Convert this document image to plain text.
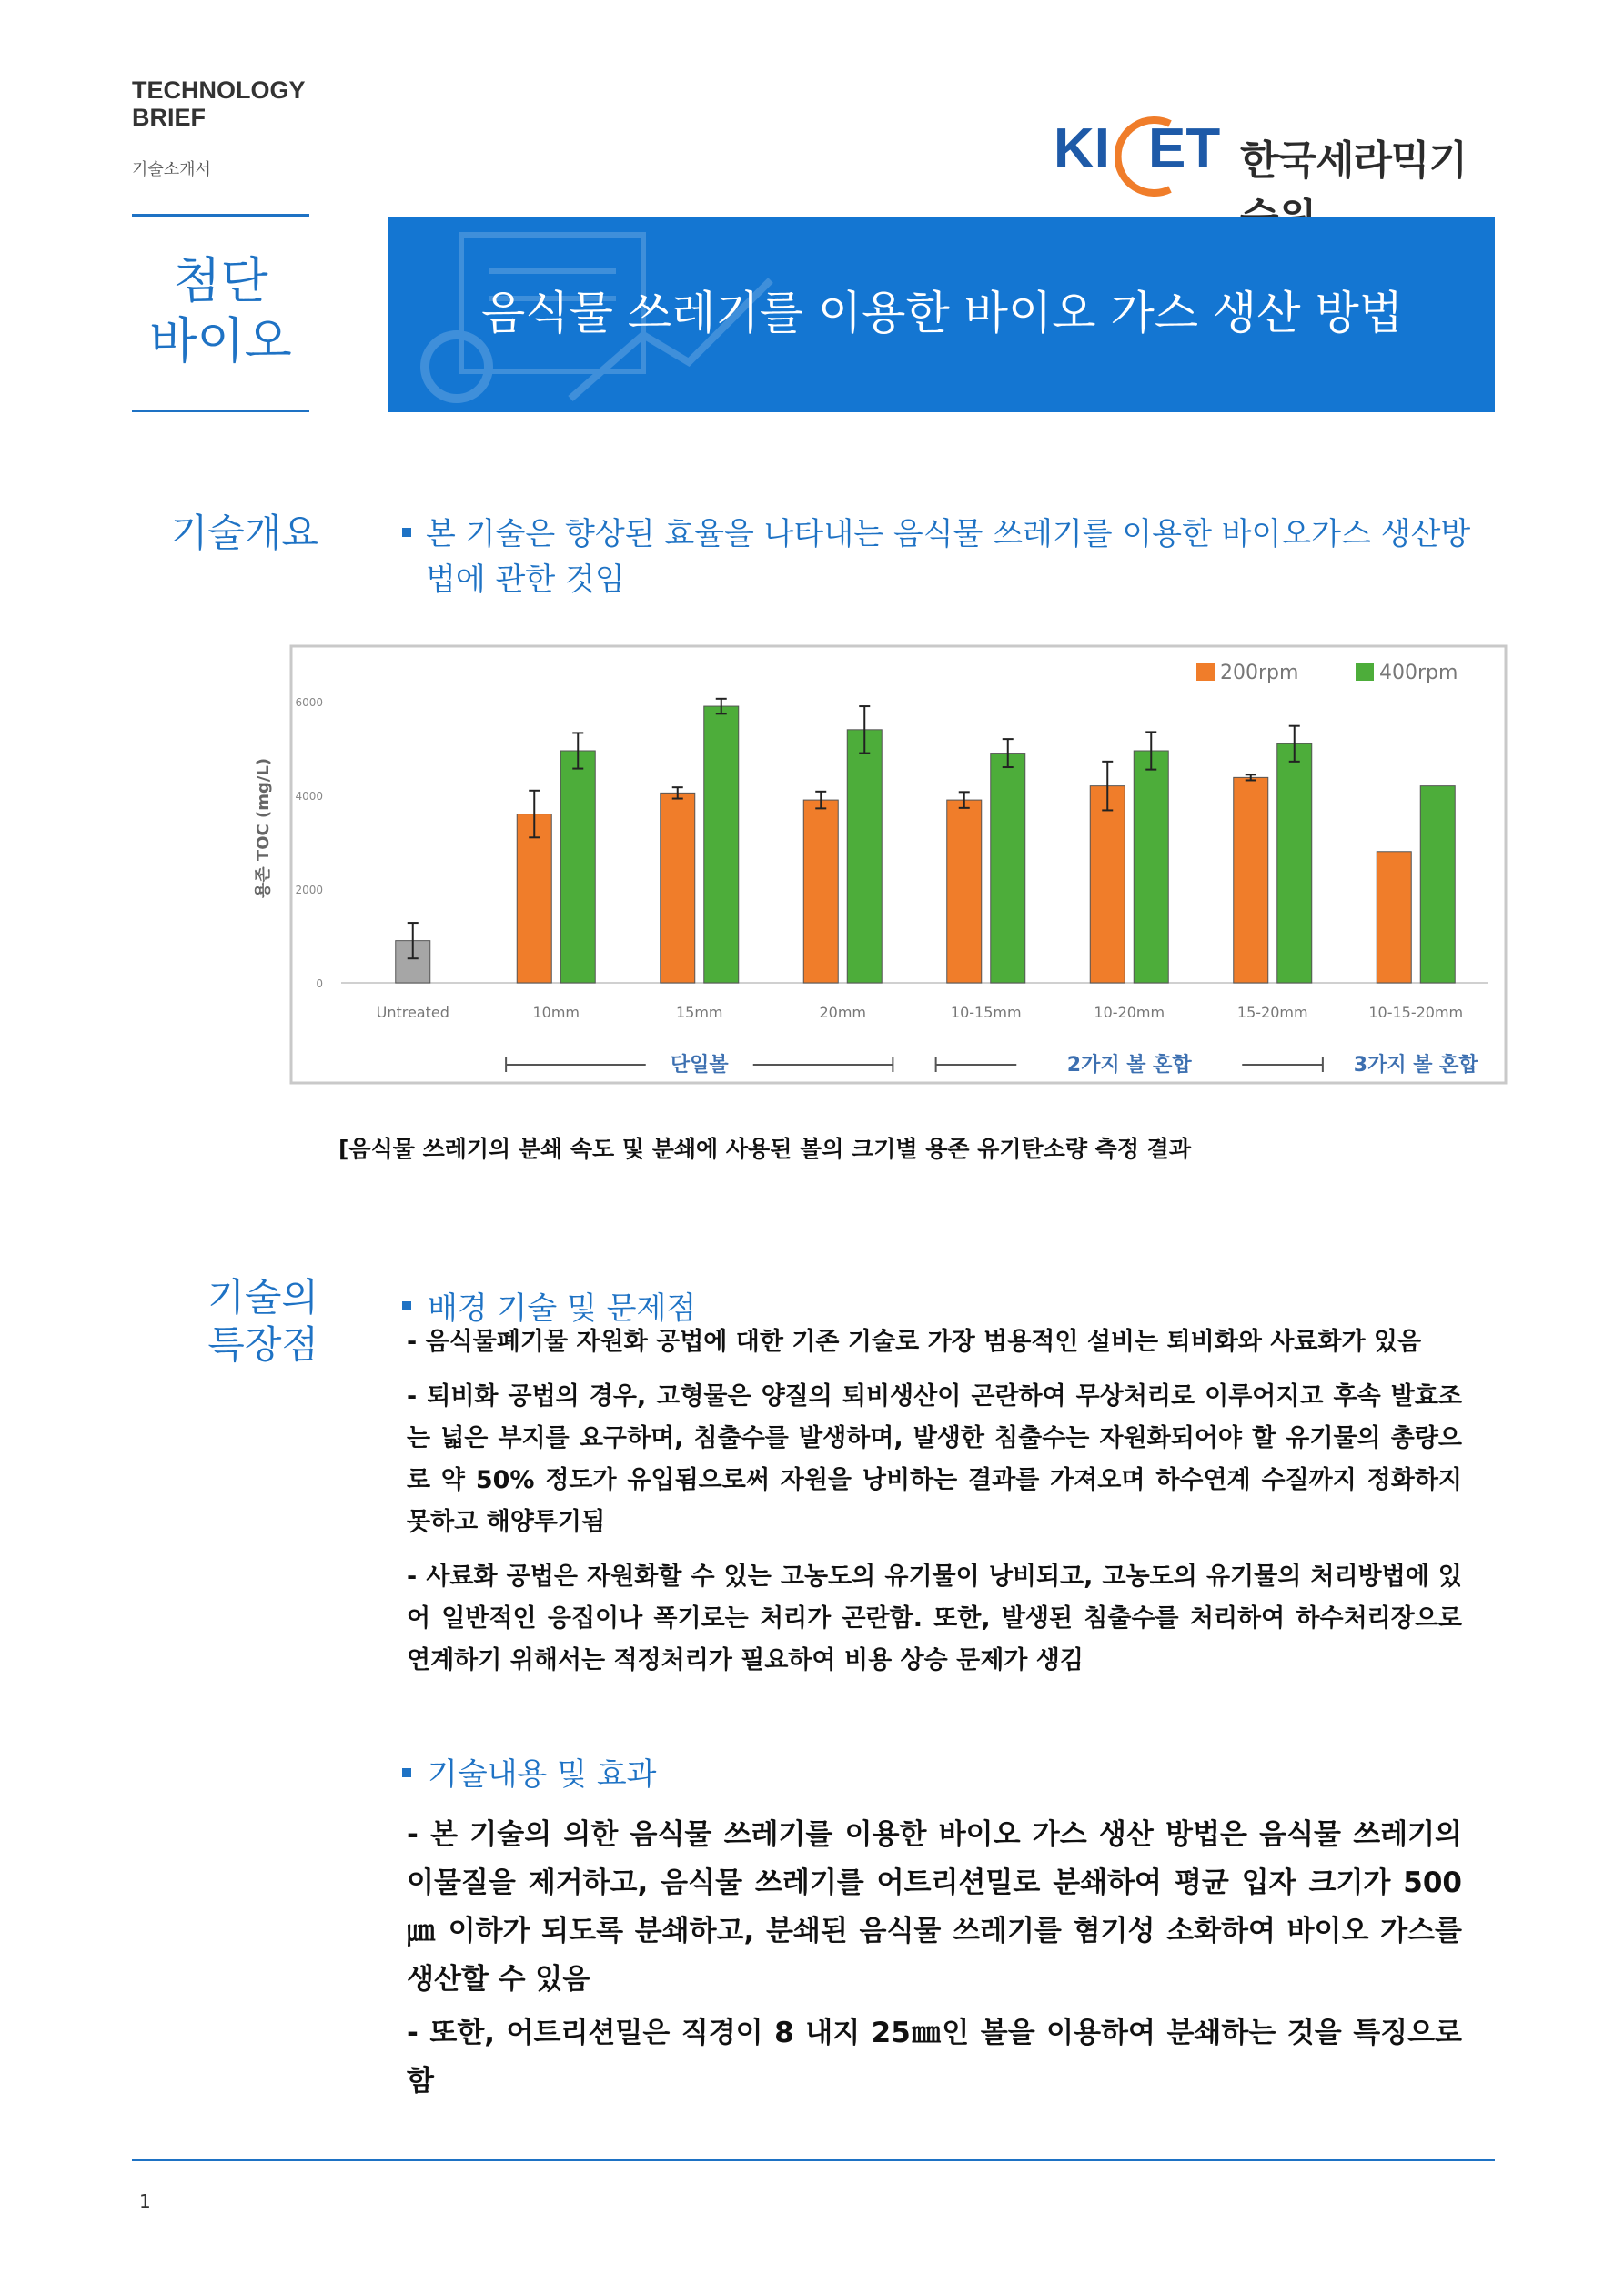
TECHNOLOGY BRIEF
기술소개서	KI ET 한국세라믹기
첨단
바이오	음식물 쓰레기를 이용한 바이오 가스 생산 방법
기술개요	본 기술은 향상된 효율을 나타내는 음식물 쓰레기를 이용한 바이오가스 생산방법에 관한 것임
0
2000
4000
6000
용존 TOC (mg/L)
Untreated	10mm	15mm	20mm	10-15mm	10-20mm	15-20mm	10-15-20mm
200rpm	400rpm
단일볼	2가지 볼 혼합	3가지 볼 혼합
[음식물 쓰레기의 분쇄 속도 및 분쇄에 사용된 볼의 크기별 용존 유기탄소량 측정 결과
기술의
특장점
배경 기술 및 문제점

- 음식물폐기물 자원화 공법에 대한 기존 기술로 가장 범용적인 설비는 퇴비화와 사료화가 있음

- 퇴비화 공법의 경우, 고형물은 양질의 퇴비생산이 곤란하여 무상처리로 이루어지고 후속 발효조는 넓은 부지를 요구하며, 침출수를 발생하며, 발생한 침출수는 자원화되어야 할 유기물의 총량으로 약 50% 정도가 유입됨으로써 자원을 낭비하는 결과를 가져오며 하수연계 수질까지 정화하지 못하고 해양투기됨

- 사료화 공법은 자원화할 수 있는 고농도의 유기물이 낭비되고, 고농도의 유기물의 처리방법에 있어 일반적인 응집이나 폭기로는 처리가 곤란함. 또한, 발생된 침출수를 처리하여 하수처리장으로 연계하기 위해서는 적정처리가 필요하여 비용 상승 문제가 생김

기술내용 및 효과

- 본 기술의 의한 음식물 쓰레기를 이용한 바이오 가스 생산 방법은 음식물 쓰레기의 이물질을 제거하고, 음식물 쓰레기를 어트리션밀로 분쇄하여 평균 입자 크기가 500 ㎛ 이하가 되도록 분쇄하고, 분쇄된 음식물 쓰레기를 혐기성 소화하여 바이오 가스를 생산할 수 있음

- 또한, 어트리션밀은 직경이 8 내지 25㎜인 볼을 이용하여 분쇄하는 것을 특징으로 함

1
